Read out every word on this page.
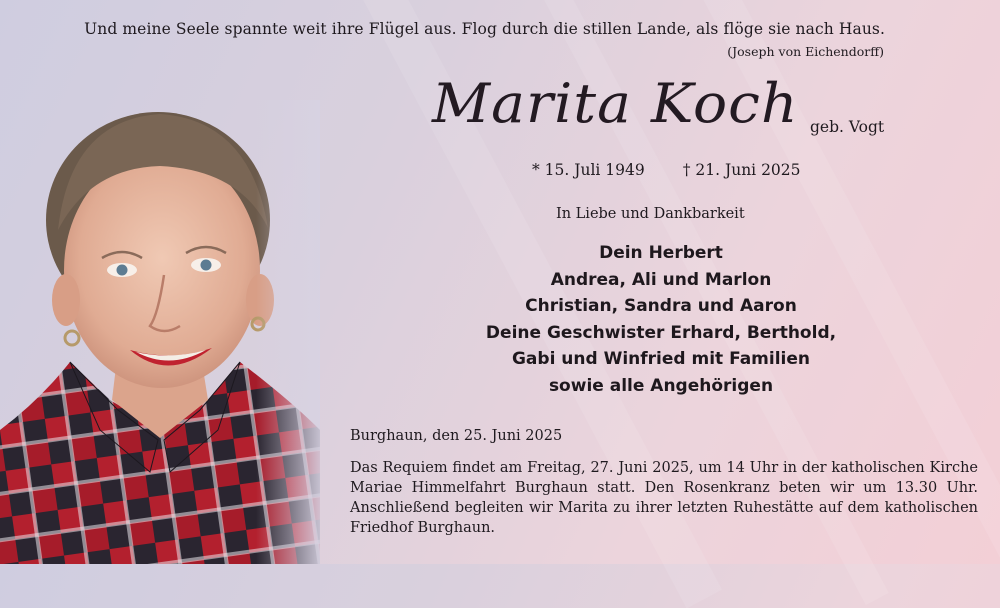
Und meine Seele spannte weit ihre Flügel aus. Flog durch die stillen Lande, als flöge sie nach Haus.
(Joseph von Eichendorff)
Marita Koch geb. Vogt
* 15. Juli 1949 † 21. Juni 2025
In Liebe und Dankbarkeit
Dein Herbert
Andrea, Ali und Marlon
Christian, Sandra und Aaron
Deine Geschwister Erhard, Berthold,
Gabi und Winfried mit Familien
sowie alle Angehörigen
Burghaun, den 25. Juni 2025
Das Requiem findet am Freitag, 27. Juni 2025, um 14 Uhr in der katholischen Kirche Mariae Himmelfahrt Burghaun statt. Den Rosenkranz beten wir um 13.30 Uhr. Anschließend begleiten wir Marita zu ihrer letzten Ruhestätte auf dem katholischen Friedhof Burghaun.
